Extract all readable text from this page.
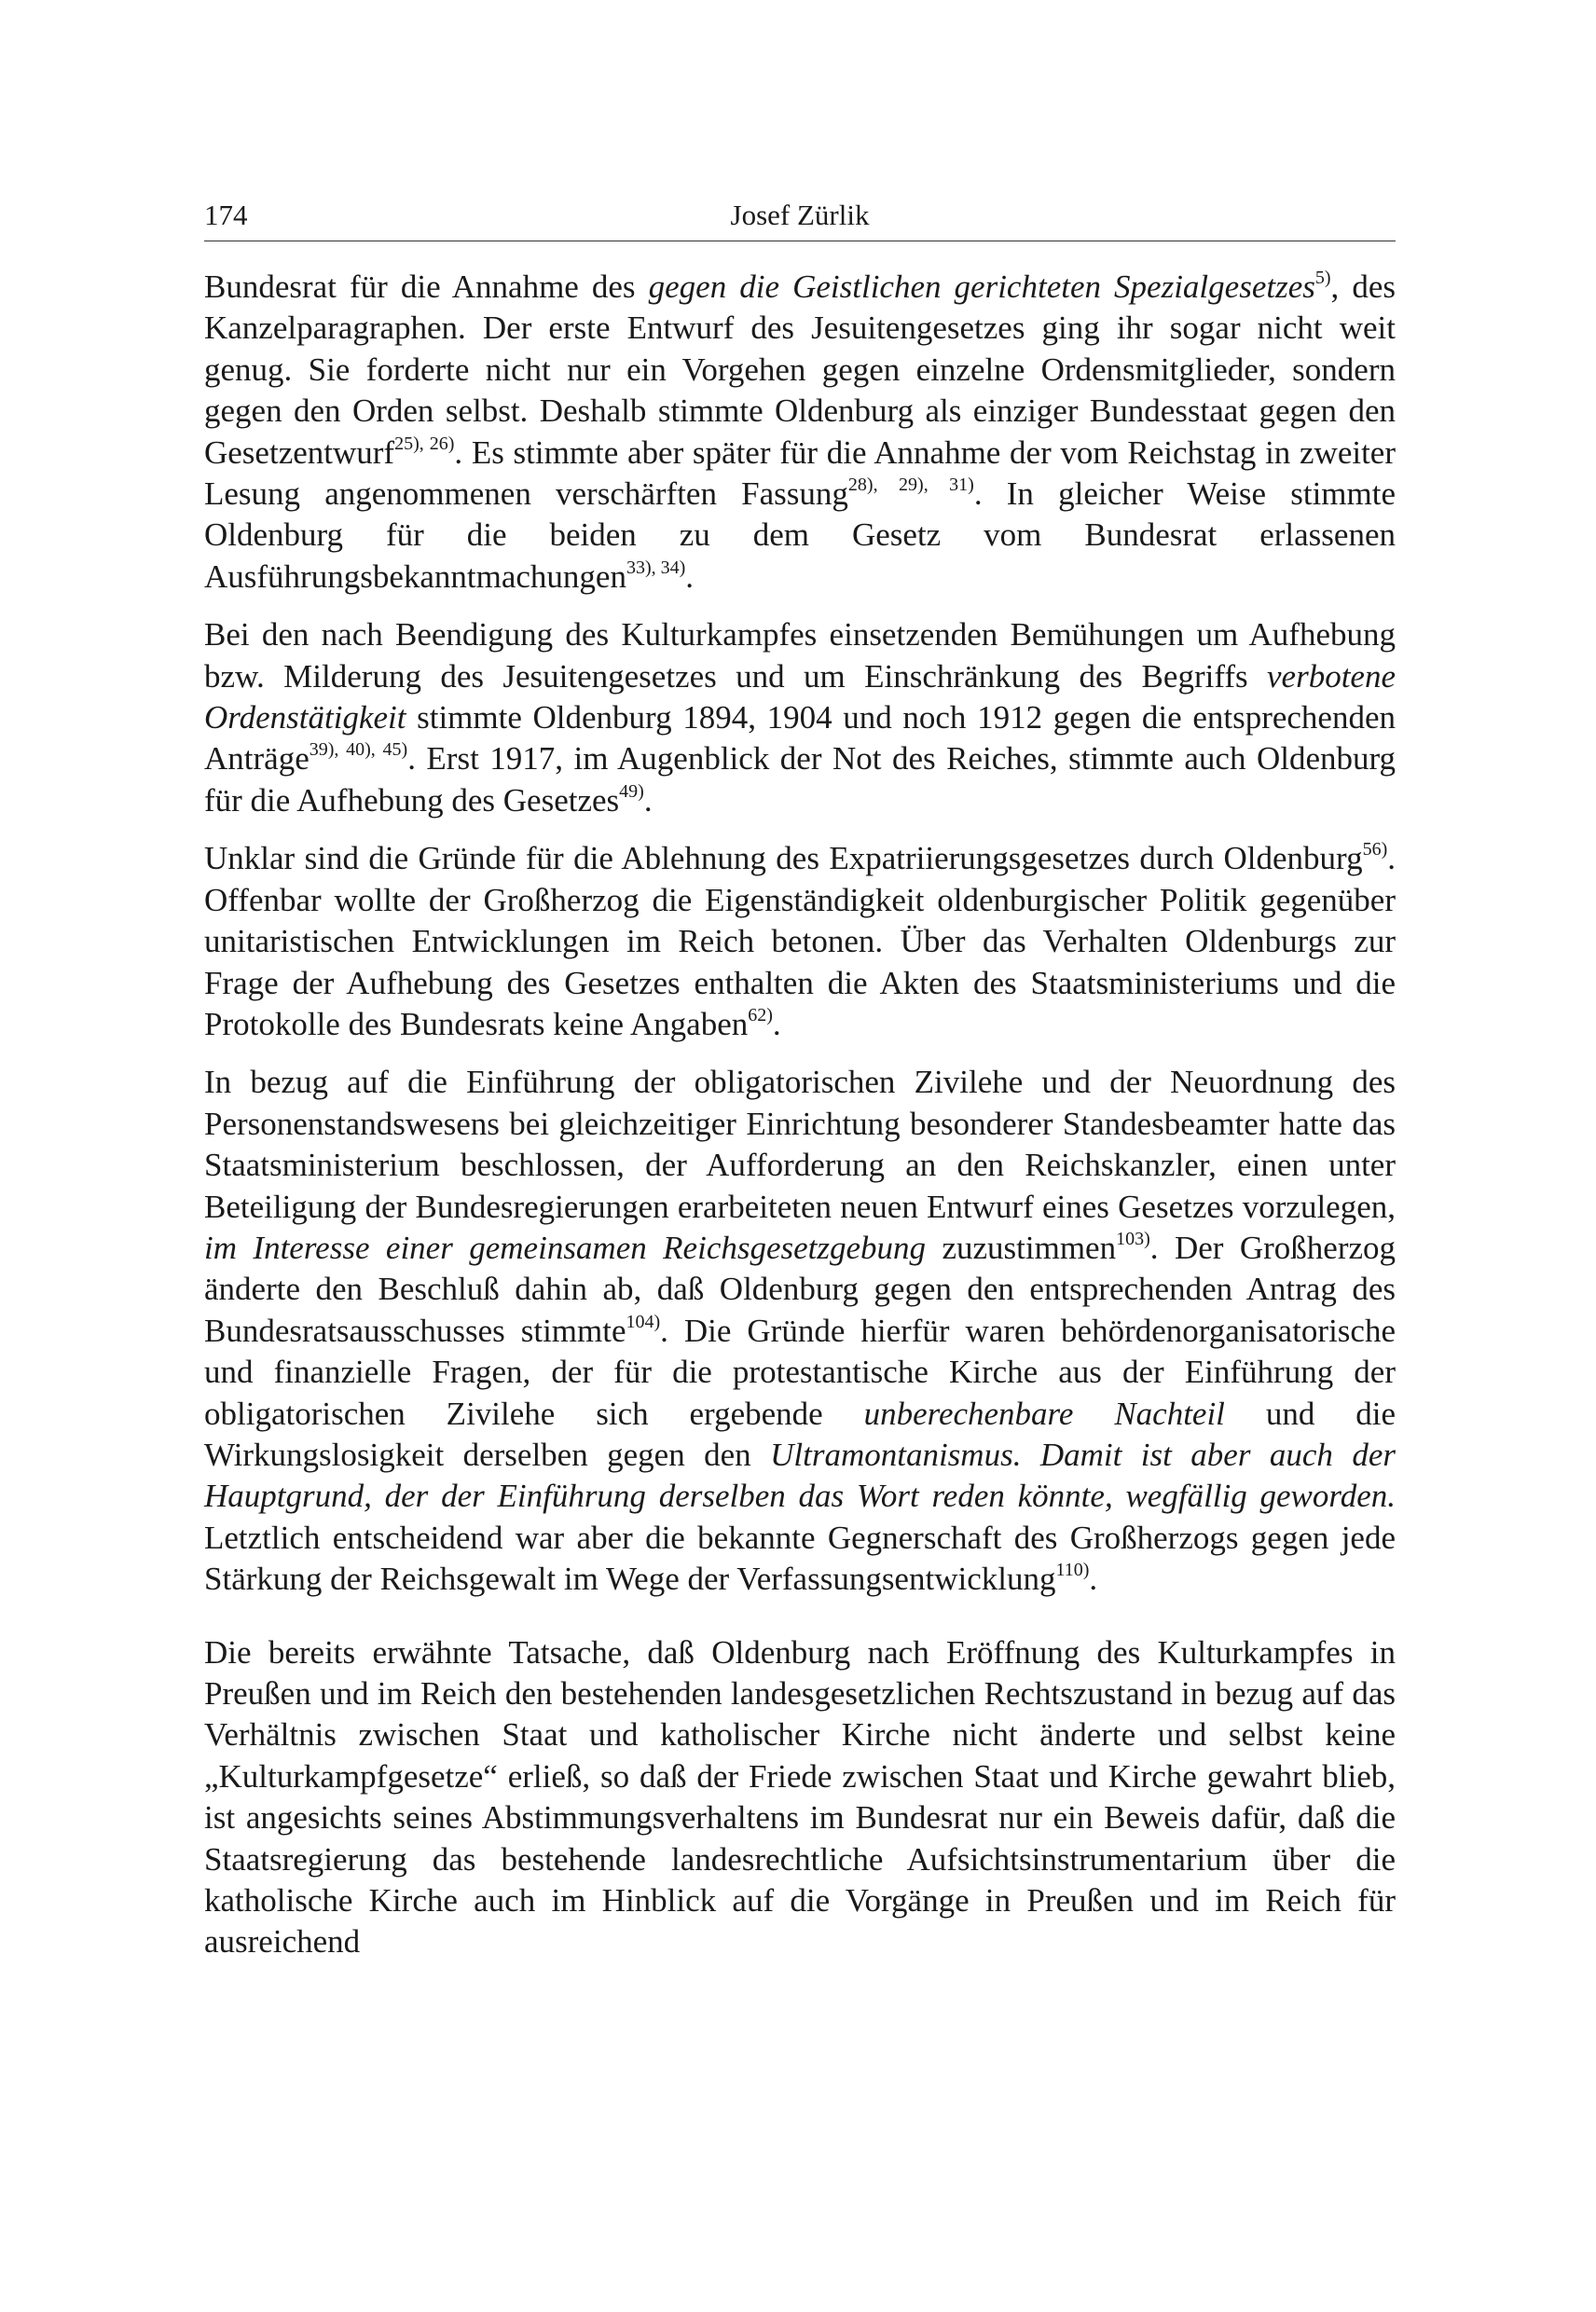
174	Josef Zürlik

Bundesrat für die Annahme des gegen die Geistlichen gerichteten Spezialgesetzes$^{5)}$, des Kanzelparagraphen. Der erste Entwurf des Jesuitengesetzes ging ihr sogar nicht weit genug. Sie forderte nicht nur ein Vorgehen gegen einzelne Ordensmitglieder, sondern gegen den Orden selbst. Deshalb stimmte Oldenburg als einziger Bundesstaat gegen den Gesetzentwurf$^{25), 26)}$. Es stimmte aber später für die Annahme der vom Reichstag in zweiter Lesung angenommenen verschärften Fassung$^{28), 29), 31)}$. In gleicher Weise stimmte Oldenburg für die beiden zu dem Gesetz vom Bundesrat erlassenen Ausführungsbekanntmachungen$^{33), 34)}$.

Bei den nach Beendigung des Kulturkampfes einsetzenden Bemühungen um Aufhebung bzw. Milderung des Jesuitengesetzes und um Einschränkung des Begriffs verbotene Ordenstätigkeit stimmte Oldenburg 1894, 1904 und noch 1912 gegen die entsprechenden Anträge$^{39), 40), 45)}$. Erst 1917, im Augenblick der Not des Reiches, stimmte auch Oldenburg für die Aufhebung des Gesetzes$^{49)}$.

Unklar sind die Gründe für die Ablehnung des Expatriierungsgesetzes durch Oldenburg$^{56)}$. Offenbar wollte der Großherzog die Eigenständigkeit oldenburgischer Politik gegenüber unitaristischen Entwicklungen im Reich betonen. Über das Verhalten Oldenburgs zur Frage der Aufhebung des Gesetzes enthalten die Akten des Staatsministeriums und die Protokolle des Bundesrats keine Angaben$^{62)}$.

In bezug auf die Einführung der obligatorischen Zivilehe und der Neuordnung des Personenstandswesens bei gleichzeitiger Einrichtung besonderer Standesbeamter hatte das Staatsministerium beschlossen, der Aufforderung an den Reichskanzler, einen unter Beteiligung der Bundesregierungen erarbeiteten neuen Entwurf eines Gesetzes vorzulegen, im Interesse einer gemeinsamen Reichsgesetzgebung zuzustimmen$^{103)}$. Der Großherzog änderte den Beschluß dahin ab, daß Oldenburg gegen den entsprechenden Antrag des Bundesratsausschusses stimmte$^{104)}$. Die Gründe hierfür waren behördenorganisatorische und finanzielle Fragen, der für die protestantische Kirche aus der Einführung der obligatorischen Zivilehe sich ergebende unberechenbare Nachteil und die Wirkungslosigkeit derselben gegen den Ultramontanismus. Damit ist aber auch der Hauptgrund, der der Einführung derselben das Wort reden könnte, wegfällig geworden. Letztlich entscheidend war aber die bekannte Gegnerschaft des Großherzogs gegen jede Stärkung der Reichsgewalt im Wege der Verfassungsentwicklung$^{110)}$.

Die bereits erwähnte Tatsache, daß Oldenburg nach Eröffnung des Kulturkampfes in Preußen und im Reich den bestehenden landesgesetzlichen Rechtszustand in bezug auf das Verhältnis zwischen Staat und katholischer Kirche nicht änderte und selbst keine „Kulturkampfgesetze“ erließ, so daß der Friede zwischen Staat und Kirche gewahrt blieb, ist angesichts seines Abstimmungsverhaltens im Bundesrat nur ein Beweis dafür, daß die Staatsregierung das bestehende landesrechtliche Aufsichtsinstrumentarium über die katholische Kirche auch im Hinblick auf die Vorgänge in Preußen und im Reich für ausreichend
